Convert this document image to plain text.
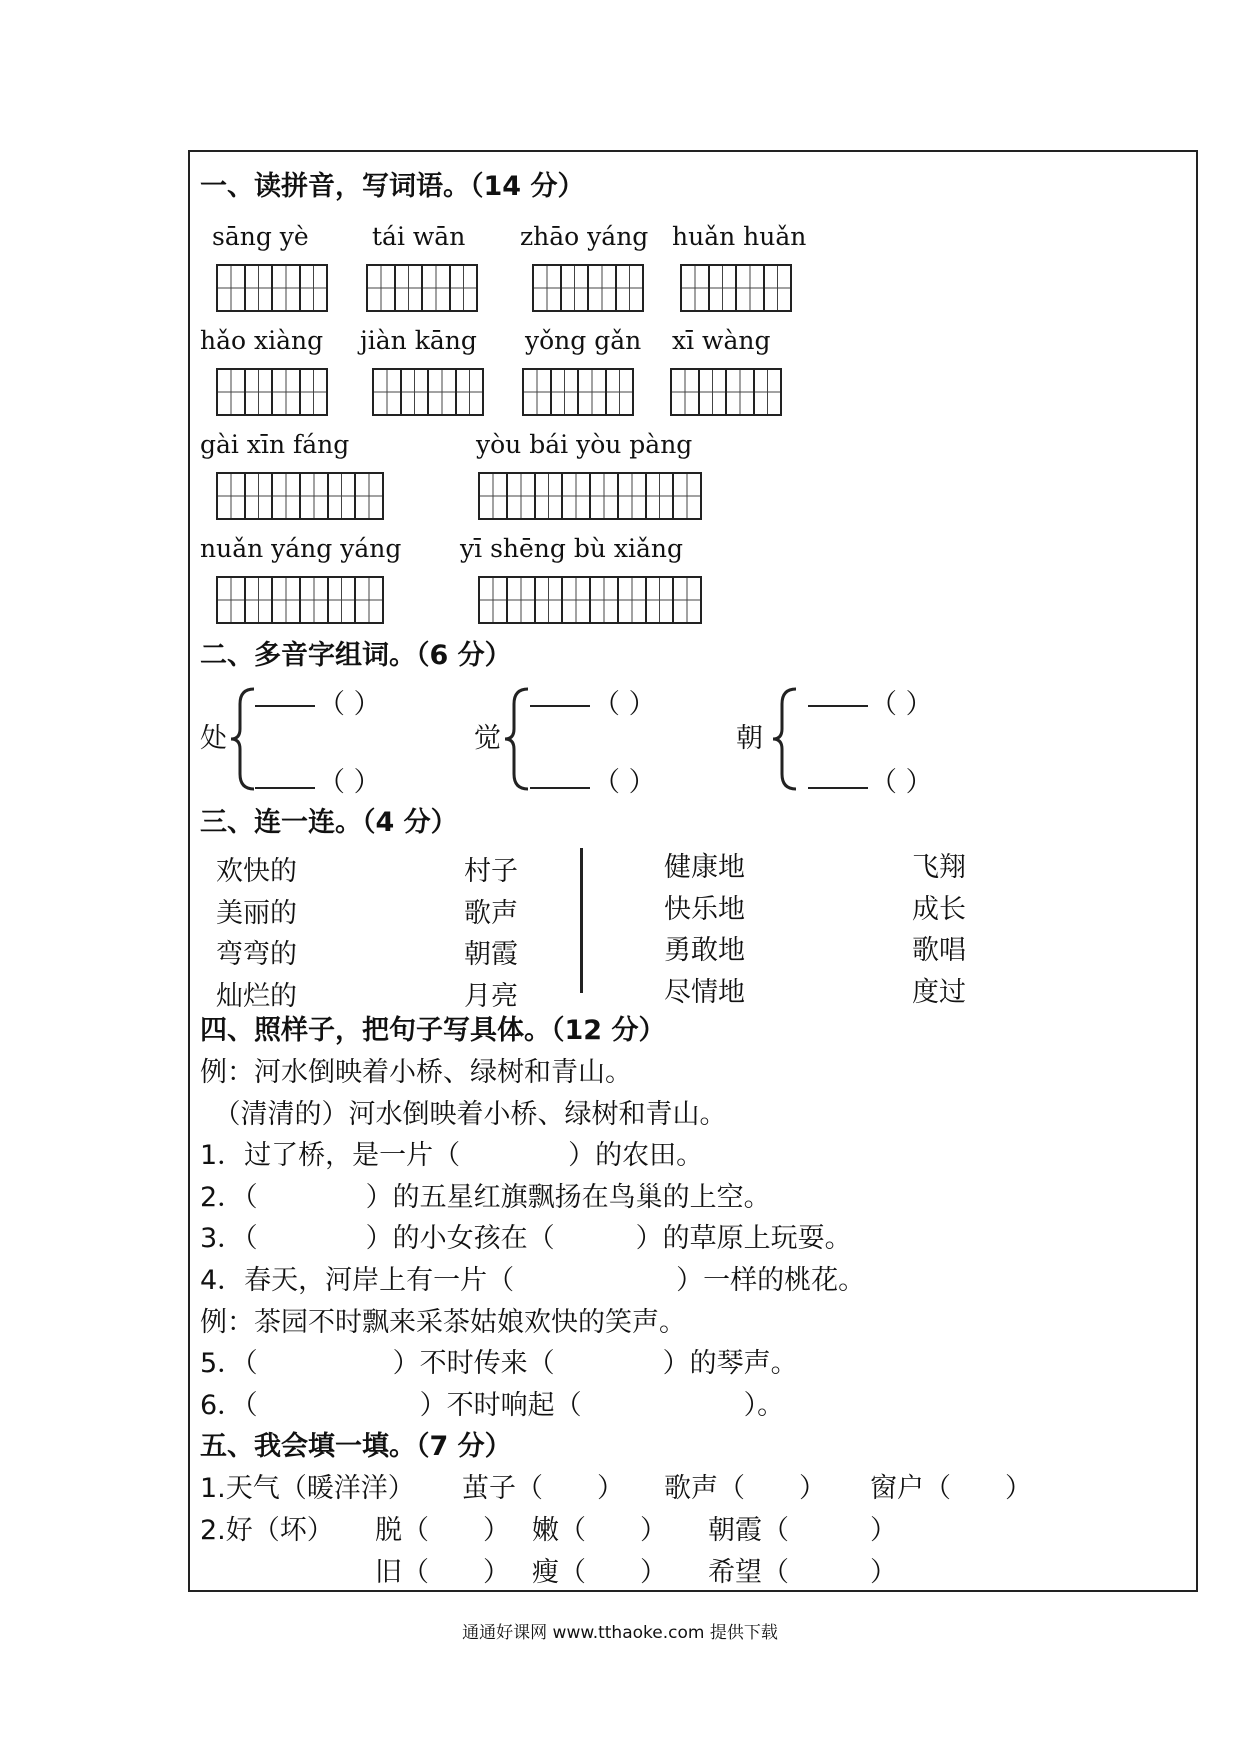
一、读拼音，写词语。（14 分）
sāng yè	tái wān zhāo yáng huǎn huǎn
hǎo xiàng jiàn kāng yǒng gǎn xī wàng
gài xīn fáng	yòu bái yòu pàng
nuǎn yáng yáng yī shēng bù xiǎng
二、多音字组词。（6 分）
处
（ ）
（ ）
觉
（ ）
（ ）
朝
（ ）
（ ）
三、连一连。（4 分）
欢快的
美丽的
弯弯的
灿烂的
村子
歌声
朝霞
月亮
健康地
快乐地
勇敢地
尽情地
飞翔
成长
歌唱
度过
四、照样子，把句子写具体。（12 分）
例：河水倒映着小桥、绿树和青山。
　（清清的）河水倒映着小桥、绿树和青山。
1．过了桥，是一片（　　　　）的农田。
2．（　　　　）的五星红旗飘扬在鸟巢的上空。
3．（　　　　）的小女孩在（　　　）的草原上玩耍。
4．春天，河岸上有一片（　　　　　　）一样的桃花。
例：茶园不时飘来采茶姑娘欢快的笑声。
5．（　　　　　）不时传来（　　　　）的琴声。
6．（　　　　　　）不时响起（　　　　　　）。
五、我会填一填。（7 分）
1.天气（暖洋洋） 茧子（　　） 歌声（　　） 窗户（　　）
2.好（坏） 脱（　　） 嫩（　　） 朝霞（　　　）
旧（　　） 瘦（　　） 希望（　　　）
通通好课网 www.tthaoke.com 提供下载
